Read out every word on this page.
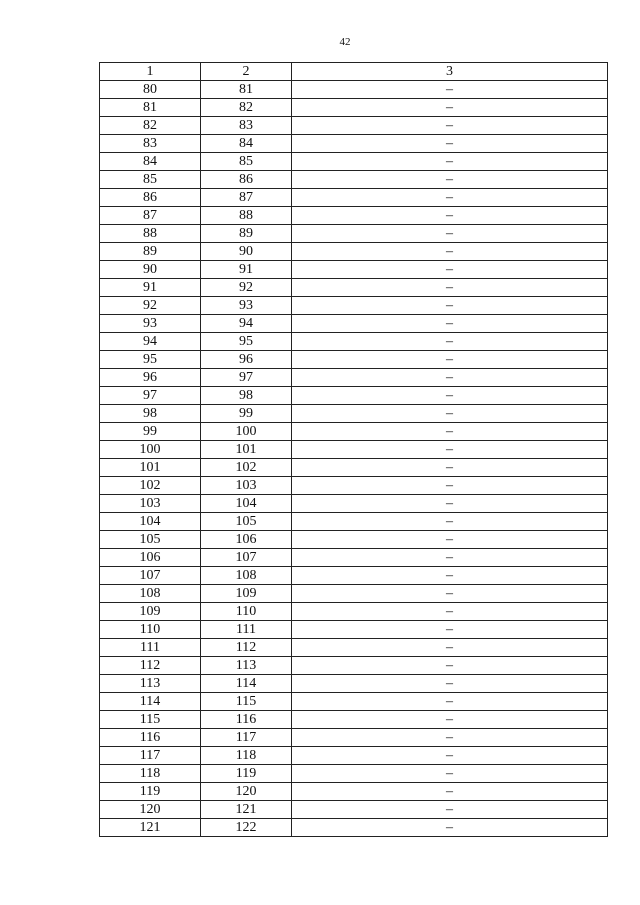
42
1	2	3
80	81	–
81	82	–
82	83	–
83	84	–
84	85	–
85	86	–
86	87	–
87	88	–
88	89	–
89	90	–
90	91	–
91	92	–
92	93	–
93	94	–
94	95	–
95	96	–
96	97	–
97	98	–
98	99	–
99	100	–
100	101	–
101	102	–
102	103	–
103	104	–
104	105	–
105	106	–
106	107	–
107	108	–
108	109	–
109	110	–
110	111	–
111	112	–
112	113	–
113	114	–
114	115	–
115	116	–
116	117	–
117	118	–
118	119	–
119	120	–
120	121	–
121	122	–
